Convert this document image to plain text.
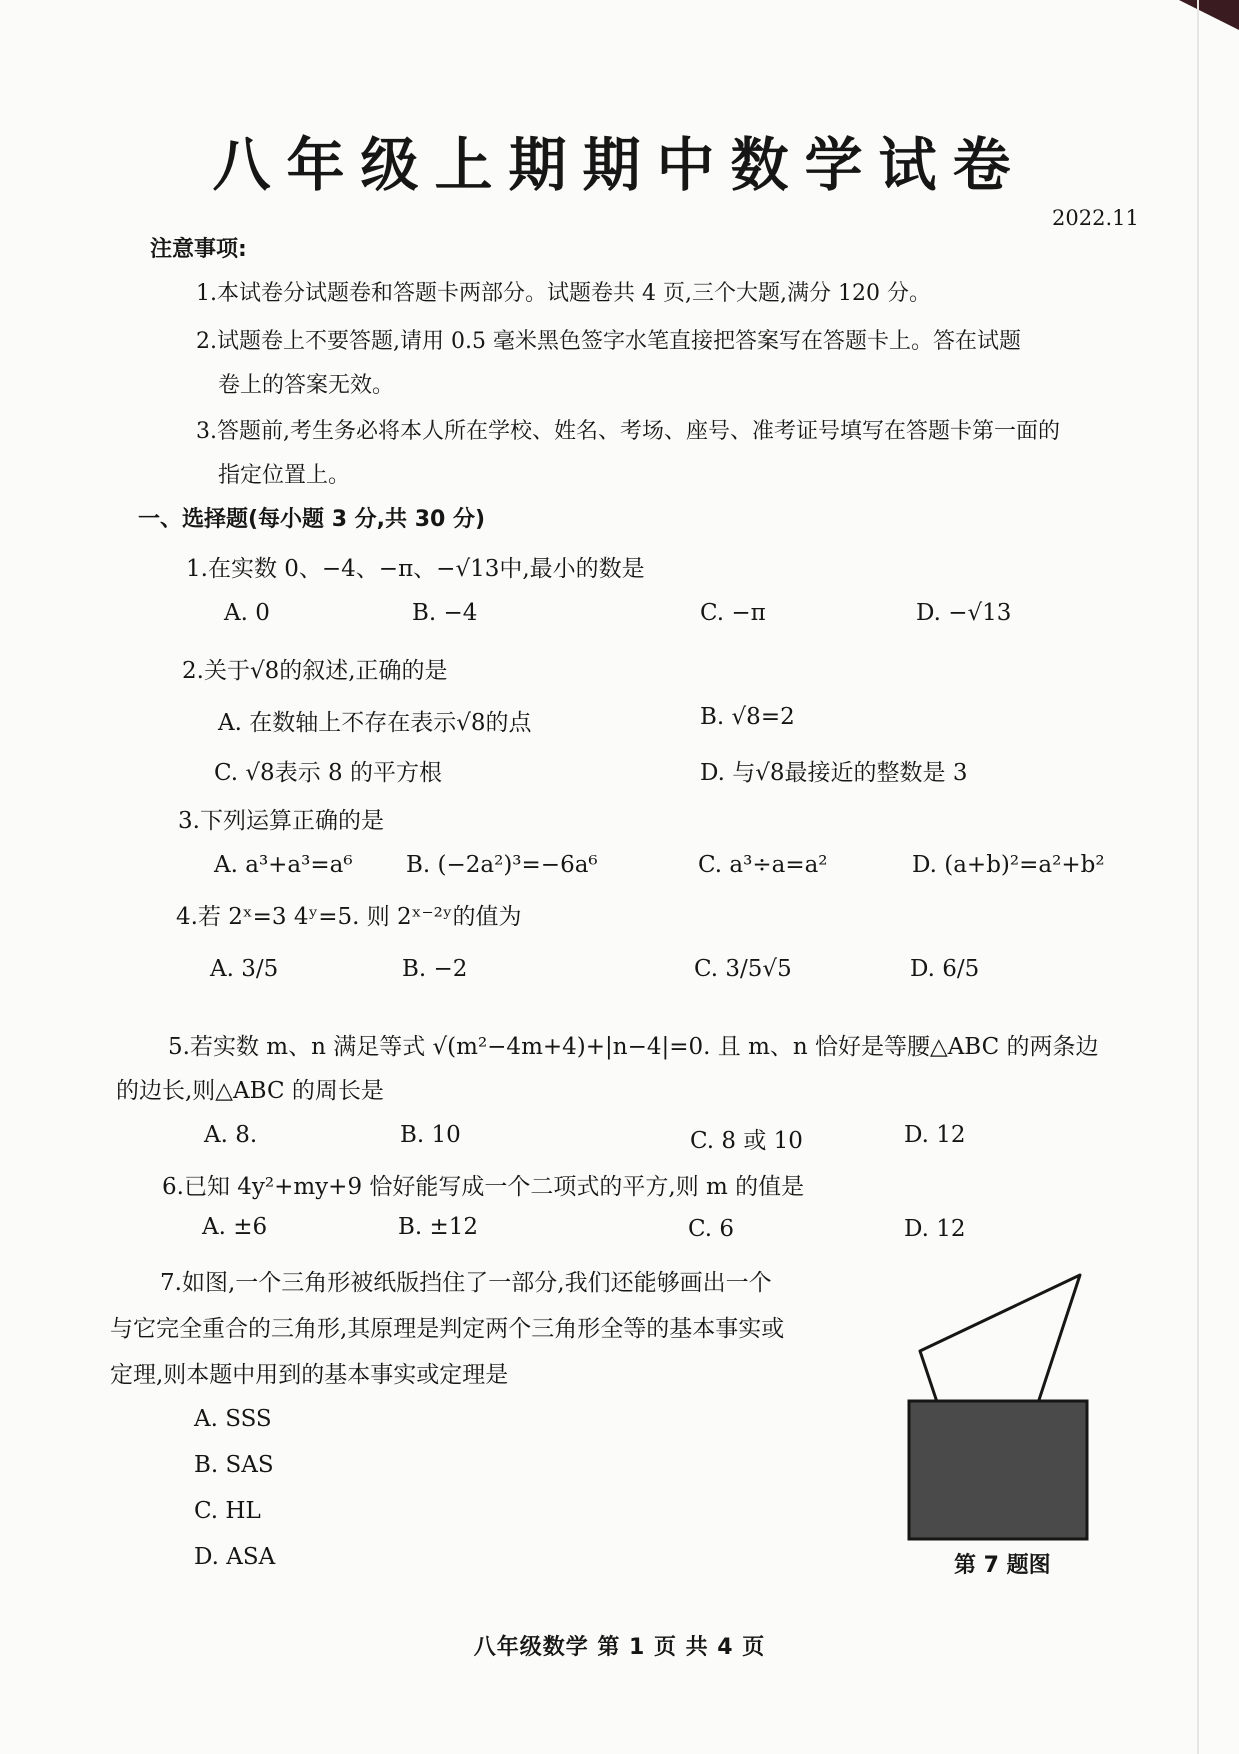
八年级上期期中数学试卷
2022.11
注意事项:
1.本试卷分试题卷和答题卡两部分。试题卷共 4 页,三个大题,满分 120 分。
2.试题卷上不要答题,请用 0.5 毫米黑色签字水笔直接把答案写在答题卡上。答在试题
卷上的答案无效。
3.答题前,考生务必将本人所在学校、姓名、考场、座号、准考证号填写在答题卡第一面的
指定位置上。
一、选择题(每小题 3 分,共 30 分)
1.在实数 0、−4、−π、−√13中,最小的数是
A. 0	B. −4	C. −π	D. −√13
2.关于√8的叙述,正确的是
A. 在数轴上不存在表示√8的点	B. √8=2
C. √8表示 8 的平方根	D. 与√8最接近的整数是 3
3.下列运算正确的是
A. a³+a³=a⁶ B. (−2a²)³=−6a⁶	C. a³÷a=a²	D. (a+b)²=a²+b²
4.若 2ˣ=3 4ʸ=5. 则 2ˣ⁻²ʸ的值为
A. 3/5	B. −2	C. 3/5√5	D. 6/5
5.若实数 m、n 满足等式 √(m²−4m+4)+|n−4|=0. 且 m、n 恰好是等腰△ABC 的两条边
的边长,则△ABC 的周长是
A. 8.	B. 10	C. 8 或 10	D. 12
6.已知 4y²+my+9 恰好能写成一个二项式的平方,则 m 的值是
A. ±6	B. ±12	C. 6	D. 12
7.如图,一个三角形被纸版挡住了一部分,我们还能够画出一个
与它完全重合的三角形,其原理是判定两个三角形全等的基本事实或
定理,则本题中用到的基本事实或定理是
A. SSS
B. SAS
C. HL
D. ASA	第 7 题图
八年级数学 第 1 页 共 4 页
